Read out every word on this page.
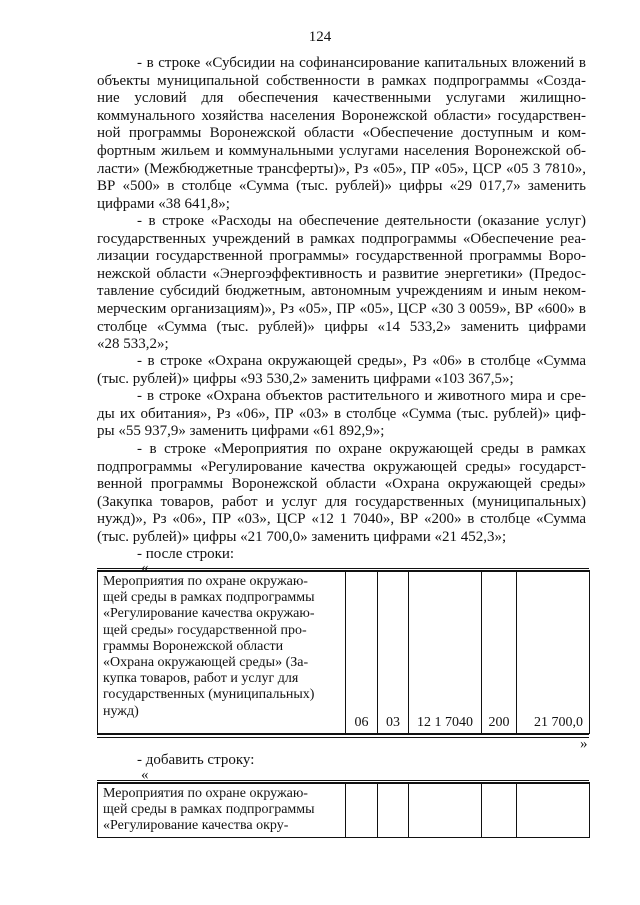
124
- в строке «Субсидии на софинансирование капитальных вложений в
объекты муниципальной собственности в рамках подпрограммы «Созда-
ние условий для обеспечения качественными услугами жилищно-
коммунального хозяйства населения Воронежской области» государствен-
ной программы Воронежской области «Обеспечение доступным и ком-
фортным жильем и коммунальными услугами населения Воронежской об-
ласти» (Межбюджетные трансферты)», Рз «05», ПР «05», ЦСР «05 3 7810»,
ВР «500» в столбце «Сумма (тыс. рублей)» цифры «29 017,7» заменить
цифрами «38 641,8»;
- в строке «Расходы на обеспечение деятельности (оказание услуг)
государственных учреждений в рамках подпрограммы «Обеспечение реа-
лизации государственной программы» государственной программы Воро-
нежской области «Энергоэффективность и развитие энергетики» (Предос-
тавление субсидий бюджетным, автономным учреждениям и иным неком-
мерческим организациям)», Рз «05», ПР «05», ЦСР «30 3 0059», ВР «600» в
столбце «Сумма (тыс. рублей)» цифры «14 533,2» заменить цифрами
«28 533,2»;
- в строке «Охрана окружающей среды», Рз «06» в столбце «Сумма
(тыс. рублей)» цифры «93 530,2» заменить цифрами «103 367,5»;
- в строке «Охрана объектов растительного и животного мира и сре-
ды их обитания», Рз «06», ПР «03» в столбце «Сумма (тыс. рублей)» циф-
ры «55 937,9» заменить цифрами «61 892,9»;
- в строке «Мероприятия по охране окружающей среды в рамках
подпрограммы «Регулирование качества окружающей среды» государст-
венной программы Воронежской области «Охрана окружающей среды»
(Закупка товаров, работ и услуг для государственных (муниципальных)
нужд)», Рз «06», ПР «03», ЦСР «12 1 7040», ВР «200» в столбце «Сумма
(тыс. рублей)» цифры «21 700,0» заменить цифрами «21 452,3»;
- после строки:
«
Мероприятия по охране окружаю-
щей среды в рамках подпрограммы
«Регулирование качества окружаю-
щей среды» государственной про-
граммы Воронежской области
«Охрана окружающей среды» (За-
купка товаров, работ и услуг для
государственных (муниципальных)
нужд)
	06	03	12 1 7040	200	21 700,0
»
- добавить строку:
«
Мероприятия по охране окружаю-
щей среды в рамках подпрограммы
«Регулирование качества окру-
